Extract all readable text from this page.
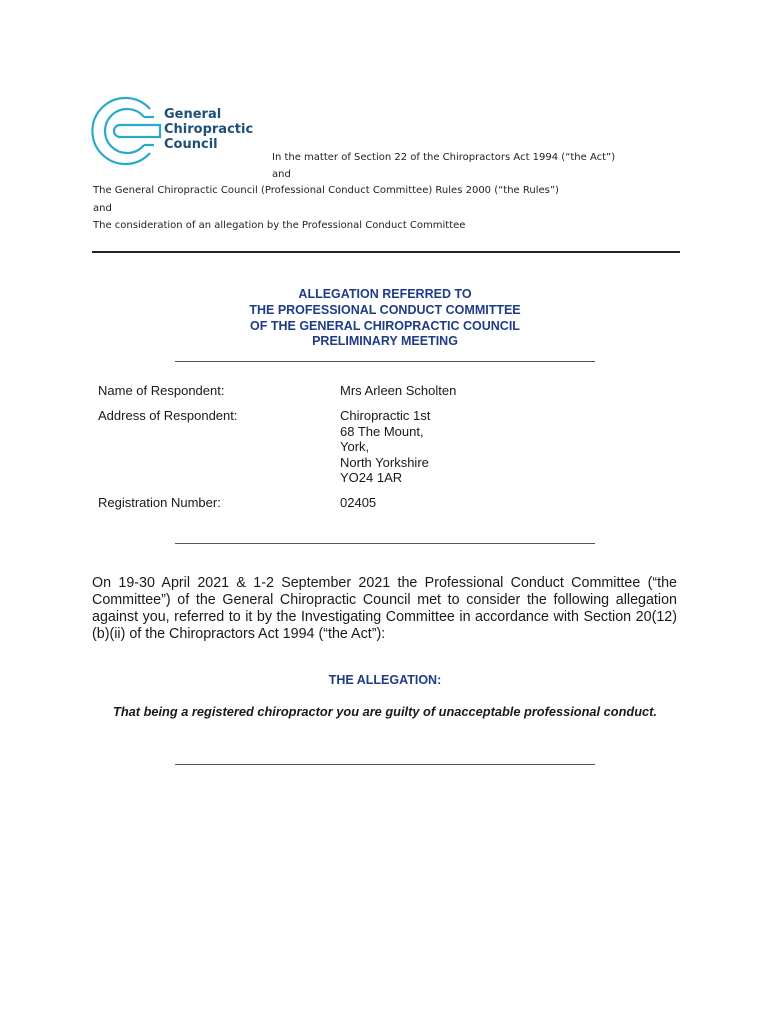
General
Chiropractic
Council
In the matter of Section 22 of the Chiropractors Act 1994 (“the Act”)
and
The General Chiropractic Council (Professional Conduct Committee) Rules 2000 (“the Rules”)
and
The consideration of an allegation by the Professional Conduct Committee
ALLEGATION REFERRED TO
THE PROFESSIONAL CONDUCT COMMITTEE
OF THE GENERAL CHIROPRACTIC COUNCIL
PRELIMINARY MEETING
Name of Respondent:	Mrs Arleen Scholten
Address of Respondent:	Chiropractic 1st
68 The Mount,
York,
North Yorkshire
YO24 1AR
Registration Number:	02405
On 19-30 April 2021 & 1-2 September 2021 the Professional Conduct Committee (“the Committee”) of the General Chiropractic Council met to consider the following allegation against you, referred to it by the Investigating Committee in accordance with Section 20(12)(b)(ii) of the Chiropractors Act 1994 (“the Act”):
THE ALLEGATION:
That being a registered chiropractor you are guilty of unacceptable professional conduct.
